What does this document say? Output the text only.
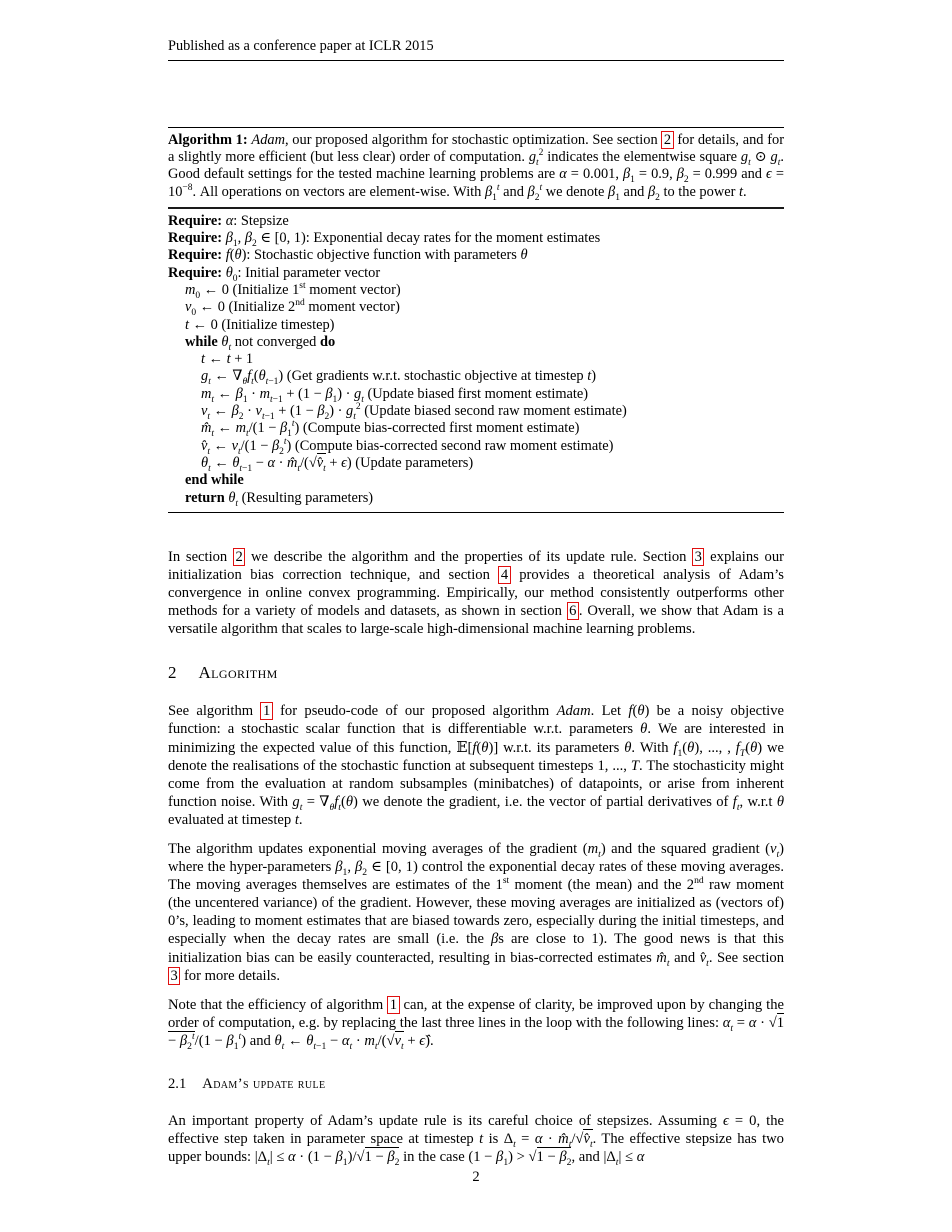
Published as a conference paper at ICLR 2015
Algorithm 1: Adam, our proposed algorithm for stochastic optimization. See section 2 for details, and for a slightly more efficient (but less clear) order of computation. $g_t^2$ indicates the elementwise square $g_t$ ⊙ $g_t$. Good default settings for the tested machine learning problems are α = 0.001, $\beta_1 = 0.9$, $\beta_2 = 0.999$ and $\epsilon = 10^{-8}$. All operations on vectors are element-wise. With $\beta_1^t$ and $\beta_2^t$ we denote $\beta_1$ and $\beta_2$ to the power t.
Require: α: Stepsize
Require: $\beta_1$, $\beta_2$ ∈ [0, 1): Exponential decay rates for the moment estimates
Require: f(θ): Stochastic objective function with parameters θ
Require: $\theta_0$: Initial parameter vector
$m_0$ ← 0 (Initialize 1st moment vector)
$v_0$ ← 0 (Initialize 2nd moment vector)
t ← 0 (Initialize timestep)
while $\theta_t$ not converged do
t ← t + 1
$g_t$ ← $\nabla_\theta f_t(\theta_{t-1})$ (Get gradients w.r.t. stochastic objective at timestep t)
$m_t$ ← $\beta_1 \cdot m_{t-1} + (1 - \beta_1) \cdot g_t$ (Update biased first moment estimate)
$v_t$ ← $\beta_2 \cdot v_{t-1} + (1 - \beta_2) \cdot g_t^2$ (Update biased second raw moment estimate)
$m̂_t$ ← $m_t/(1 - \beta_1^t)$ (Compute bias-corrected first moment estimate)
$v̂_t$ ← $v_t/(1 - \beta_2^t)$ (Compute bias-corrected second raw moment estimate)
$\theta_t$ ← $\theta_{t-1} - \alpha$ · $m̂_t/(√v̂_t + \epsilon)$ (Update parameters)
end while
return $\theta_t$ (Resulting parameters)

In section 2 we describe the algorithm and the properties of its update rule. Section 3 explains our initialization bias correction technique, and section 4 provides a theoretical analysis of Adam’s convergence in online convex programming. Empirically, our method consistently outperforms other methods for a variety of models and datasets, as shown in section 6 . Overall, we show that Adam is a versatile algorithm that scales to large-scale high-dimensional machine learning problems.

2 Algorithm

See algorithm 1 for pseudo-code of our proposed algorithm Adam. Let f(θ) be a noisy objective function: a stochastic scalar function that is differentiable w.r.t. parameters θ. We are interested in minimizing the expected value of this function, 𝔼[f(θ)] w.r.t. its parameters θ. With $f_1(\theta)$, ..., , $f_T(\theta)$ we denote the realisations of the stochastic function at subsequent timesteps 1, ..., T. The stochasticity might come from the evaluation at random subsamples (minibatches) of datapoints, or arise from inherent function noise. With $g_t = \nabla_\theta f_t(\theta)$ we denote the gradient, i.e. the vector of partial derivatives of $f_t$, w.r.t θ evaluated at timestep t.

The algorithm updates exponential moving averages of the gradient $(m_t)$ and the squared gradient $(v_t)$ where the hyper-parameters $\beta_1$, $\beta_2$ ∈ [0, 1) control the exponential decay rates of these moving averages. The moving averages themselves are estimates of the 1st moment (the mean) and the 2nd raw moment (the uncentered variance) of the gradient. However, these moving averages are initialized as (vectors of) 0’s, leading to moment estimates that are biased towards zero, especially during the initial timesteps, and especially when the decay rates are small (i.e. the βs are close to 1). The good news is that this initialization bias can be easily counteracted, resulting in bias-corrected estimates $m̂_t$ and $v̂_t$. See section 3 for more details.

Note that the efficiency of algorithm 1 can, at the expense of clarity, be improved upon by changing the order of computation, e.g. by replacing the last three lines in the loop with the following lines: $\alpha_t = \alpha \cdot √1 - \beta_2^t/(1 - \beta_1^t)$ and $\theta_t$ ← $\theta_{t-1} - \alpha_t \cdot m_t/(√v_t$ + ϵ̂).

2.1 Adam’s update rule

An important property of Adam’s update rule is its careful choice of stepsizes. Assuming ϵ = 0, the effective step taken in parameter space at timestep t is $\Delta_t = \alpha$ · $m̂_t/√v̂_t$. The effective stepsize has two upper bounds: $|\Delta_t| \le \alpha \cdot (1 - \beta_1)/√1 - \beta_2$ in the case $(1 - \beta_1) > √1 - \beta_2$, and $|\Delta_t| \le \alpha$

2
